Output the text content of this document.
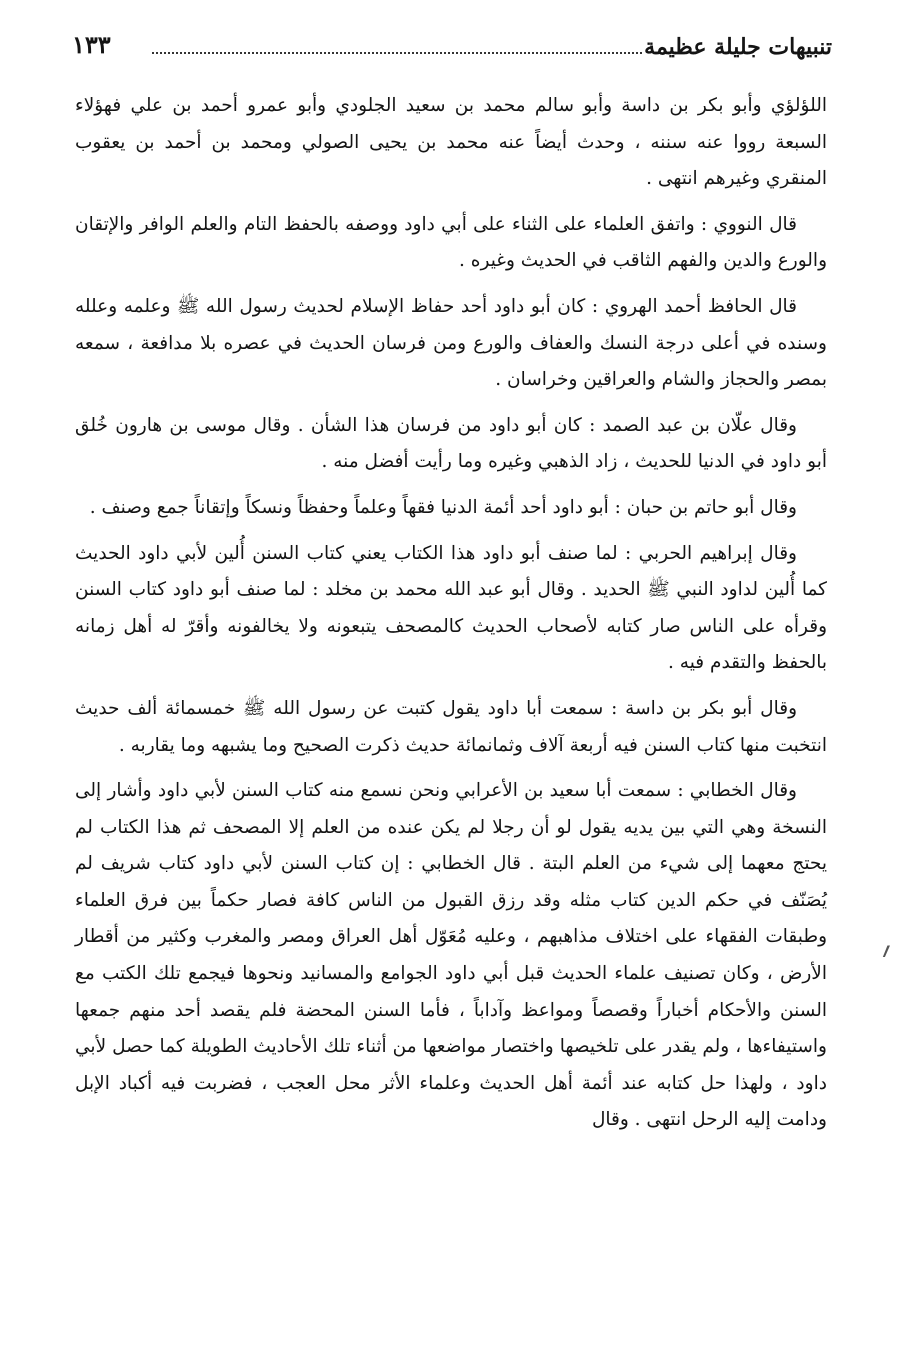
تنبيهات جليلة عظيمة
١٣٣

اللؤلؤي وأبو بكر بن داسة وأبو سالم محمد بن سعيد الجلودي وأبو عمرو أحمد بن علي فهؤلاء السبعة رووا عنه سننه ، وحدث أيضاً عنه محمد بن يحيى الصولي ومحمد بن أحمد بن يعقوب المنقري وغيرهم انتهى .

قال النووي : واتفق العلماء على الثناء على أبي داود ووصفه بالحفظ التام والعلم الوافر والإتقان والورع والدين والفهم الثاقب في الحديث وغيره .

قال الحافظ أحمد الهروي : كان أبو داود أحد حفاظ الإسلام لحديث رسول الله ﷺ وعلمه وعلله وسنده في أعلى درجة النسك والعفاف والورع ومن فرسان الحديث في عصره بلا مدافعة ، سمعه بمصر والحجاز والشام والعراقين وخراسان .

وقال علّان بن عبد الصمد : كان أبو داود من فرسان هذا الشأن . وقال موسى بن هارون خُلق أبو داود في الدنيا للحديث ، زاد الذهبي وغيره وما رأيت أفضل منه .

وقال أبو حاتم بن حبان : أبو داود أحد أئمة الدنيا فقهاً وعلماً وحفظاً ونسكاً وإتقاناً جمع وصنف .

وقال إبراهيم الحربي : لما صنف أبو داود هذا الكتاب يعني كتاب السنن أُلين لأبي داود الحديث كما أُلين لداود النبي ﷺ الحديد . وقال أبو عبد الله محمد بن مخلد : لما صنف أبو داود كتاب السنن وقرأه على الناس صار كتابه لأصحاب الحديث كالمصحف يتبعونه ولا يخالفونه وأقرّ له أهل زمانه بالحفظ والتقدم فيه .

وقال أبو بكر بن داسة : سمعت أبا داود يقول كتبت عن رسول الله ﷺ خمسمائة ألف حديث انتخبت منها كتاب السنن فيه أربعة آلاف وثمانمائة حديث ذكرت الصحيح وما يشبهه وما يقاربه .

وقال الخطابي : سمعت أبا سعيد بن الأعرابي ونحن نسمع منه كتاب السنن لأبي داود وأشار إلى النسخة وهي التي بين يديه يقول لو أن رجلا لم يكن عنده من العلم إلا المصحف ثم هذا الكتاب لم يحتج معهما إلى شيء من العلم البتة . قال الخطابي : إن كتاب السنن لأبي داود كتاب شريف لم يُصَنّف في حكم الدين كتاب مثله وقد رزق القبول من الناس كافة فصار حكماً بين فرق العلماء وطبقات الفقهاء على اختلاف مذاهبهم ، وعليه مُعَوّل أهل العراق ومصر والمغرب وكثير من أقطار الأرض ، وكان تصنيف علماء الحديث قبل أبي داود الجوامع والمسانيد ونحوها فيجمع تلك الكتب مع السنن والأحكام أخباراً وقصصاً ومواعظ وآداباً ، فأما السنن المحضة فلم يقصد أحد منهم جمعها واستيفاءها ، ولم يقدر على تلخيصها واختصار مواضعها من أثناء تلك الأحاديث الطويلة كما حصل لأبي داود ، ولهذا حل كتابه عند أئمة أهل الحديث وعلماء الأثر محل العجب ، فضربت فيه أكباد الإبل ودامت إليه الرحل انتهى . وقال

؍
